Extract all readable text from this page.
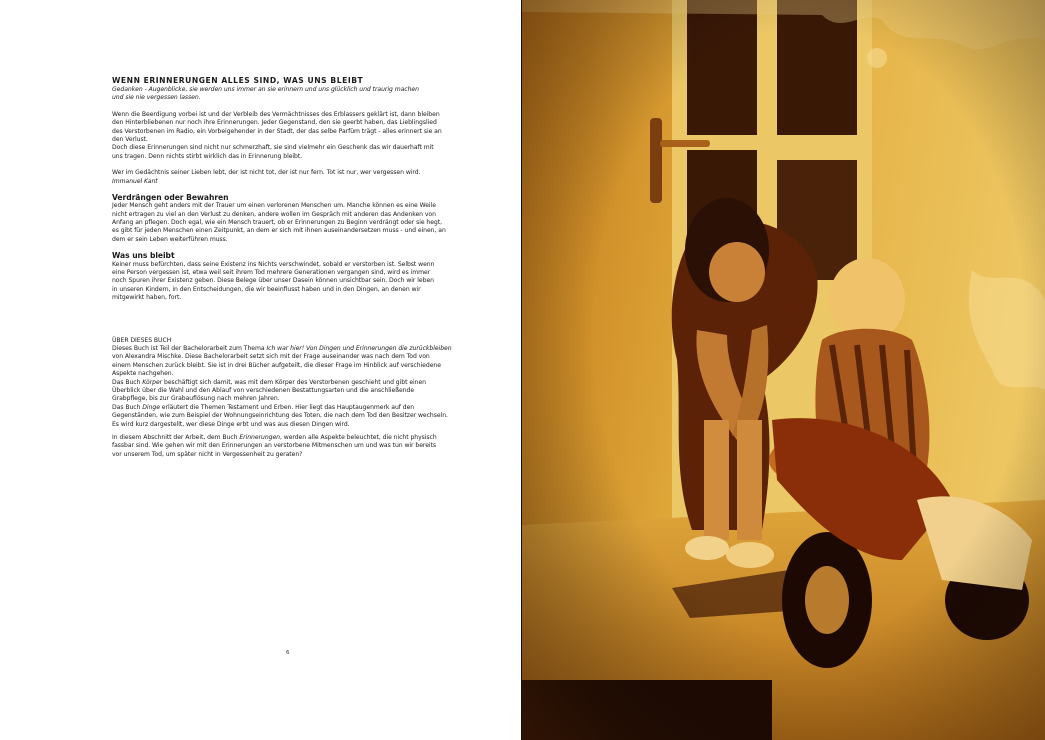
WENN ERINNERUNGEN ALLES SIND, WAS UNS BLEIBT

Gedanken - Augenblicke, sie werden uns immer an sie erinnern und uns glücklich und traurig machen

und sie nie vergessen lassen.

Wenn die Beerdigung vorbei ist und der Verbleib des Vermächtnisses des Erblassers geklärt ist, dann bleiben

den Hinterbliebenen nur noch ihre Erinnerungen. Jeder Gegenstand, den sie geerbt haben, das Lieblingslied

des Verstorbenen im Radio, ein Vorbeigehender in der Stadt, der das selbe Parfüm trägt - alles erinnert sie an

den Verlust.

Doch diese Erinnerungen sind nicht nur schmerzhaft, sie sind vielmehr ein Geschenk das wir dauerhaft mit

uns tragen. Denn nichts stirbt wirklich das in Erinnerung bleibt.

Wer im Gedächtnis seiner Lieben lebt, der ist nicht tot, der ist nur fern. Tot ist nur, wer vergessen wird.

Immanuel Kant

Verdrängen oder Bewahren

Jeder Mensch geht anders mit der Trauer um einen verlorenen Menschen um. Manche können es eine Weile

nicht ertragen zu viel an den Verlust zu denken, andere wollen im Gespräch mit anderen das Andenken von

Anfang an pflegen. Doch egal, wie ein Mensch trauert, ob er Erinnerungen zu Beginn verdrängt oder sie hegt,

es gibt für jeden Menschen einen Zeitpunkt, an dem er sich mit ihnen auseinandersetzen muss - und einen, an

dem er sein Leben weiterführen muss.

Was uns bleibt

Keiner muss befürchten, dass seine Existenz ins Nichts verschwindet, sobald er verstorben ist. Selbst wenn

eine Person vergessen ist, etwa weil seit ihrem Tod mehrere Generationen vergangen sind, wird es immer

noch Spuren ihrer Existenz geben. Diese Belege über unser Dasein können unsichtbar sein. Doch wir leben

in unseren Kindern, in den Entscheidungen, die wir beeinflusst haben und in den Dingen, an denen wir

mitgewirkt haben, fort.

ÜBER DIESES BUCH

Dieses Buch ist Teil der Bachelorarbeit zum Thema Ich war hier! Von Dingen und Erinnerungen die zurückbleiben

von Alexandra Mischke. Diese Bachelorarbeit setzt sich mit der Frage auseinander was nach dem Tod von

einem Menschen zurück bleibt. Sie ist in drei Bücher aufgeteilt, die dieser Frage im Hinblick auf verschiedene

Aspekte nachgehen.

Das Buch Körper beschäftigt sich damit, was mit dem Körper des Verstorbenen geschieht und gibt einen

Überblick über die Wahl und den Ablauf von verschiedenen Bestattungsarten und die anschließende

Grabpflege, bis zur Grabauflösung nach mehren Jahren.

Das Buch Dinge erläutert die Themen Testament und Erben. Hier liegt das Hauptaugenmerk auf den

Gegenständen, wie zum Beispiel der Wohnungseinrichtung des Toten, die nach dem Tod den Besitzer wechseln.

Es wird kurz dargestellt, wer diese Dinge erbt und was aus diesen Dingen wird.

In diesem Abschnitt der Arbeit, dem Buch Erinnerungen, werden alle Aspekte beleuchtet, die nicht physisch

fassbar sind. Wie gehen wir mit den Erinnerungen an verstorbene Mitmenschen um und was tun wir bereits

vor unserem Tod, um später nicht in Vergessenheit zu geraten?

6
